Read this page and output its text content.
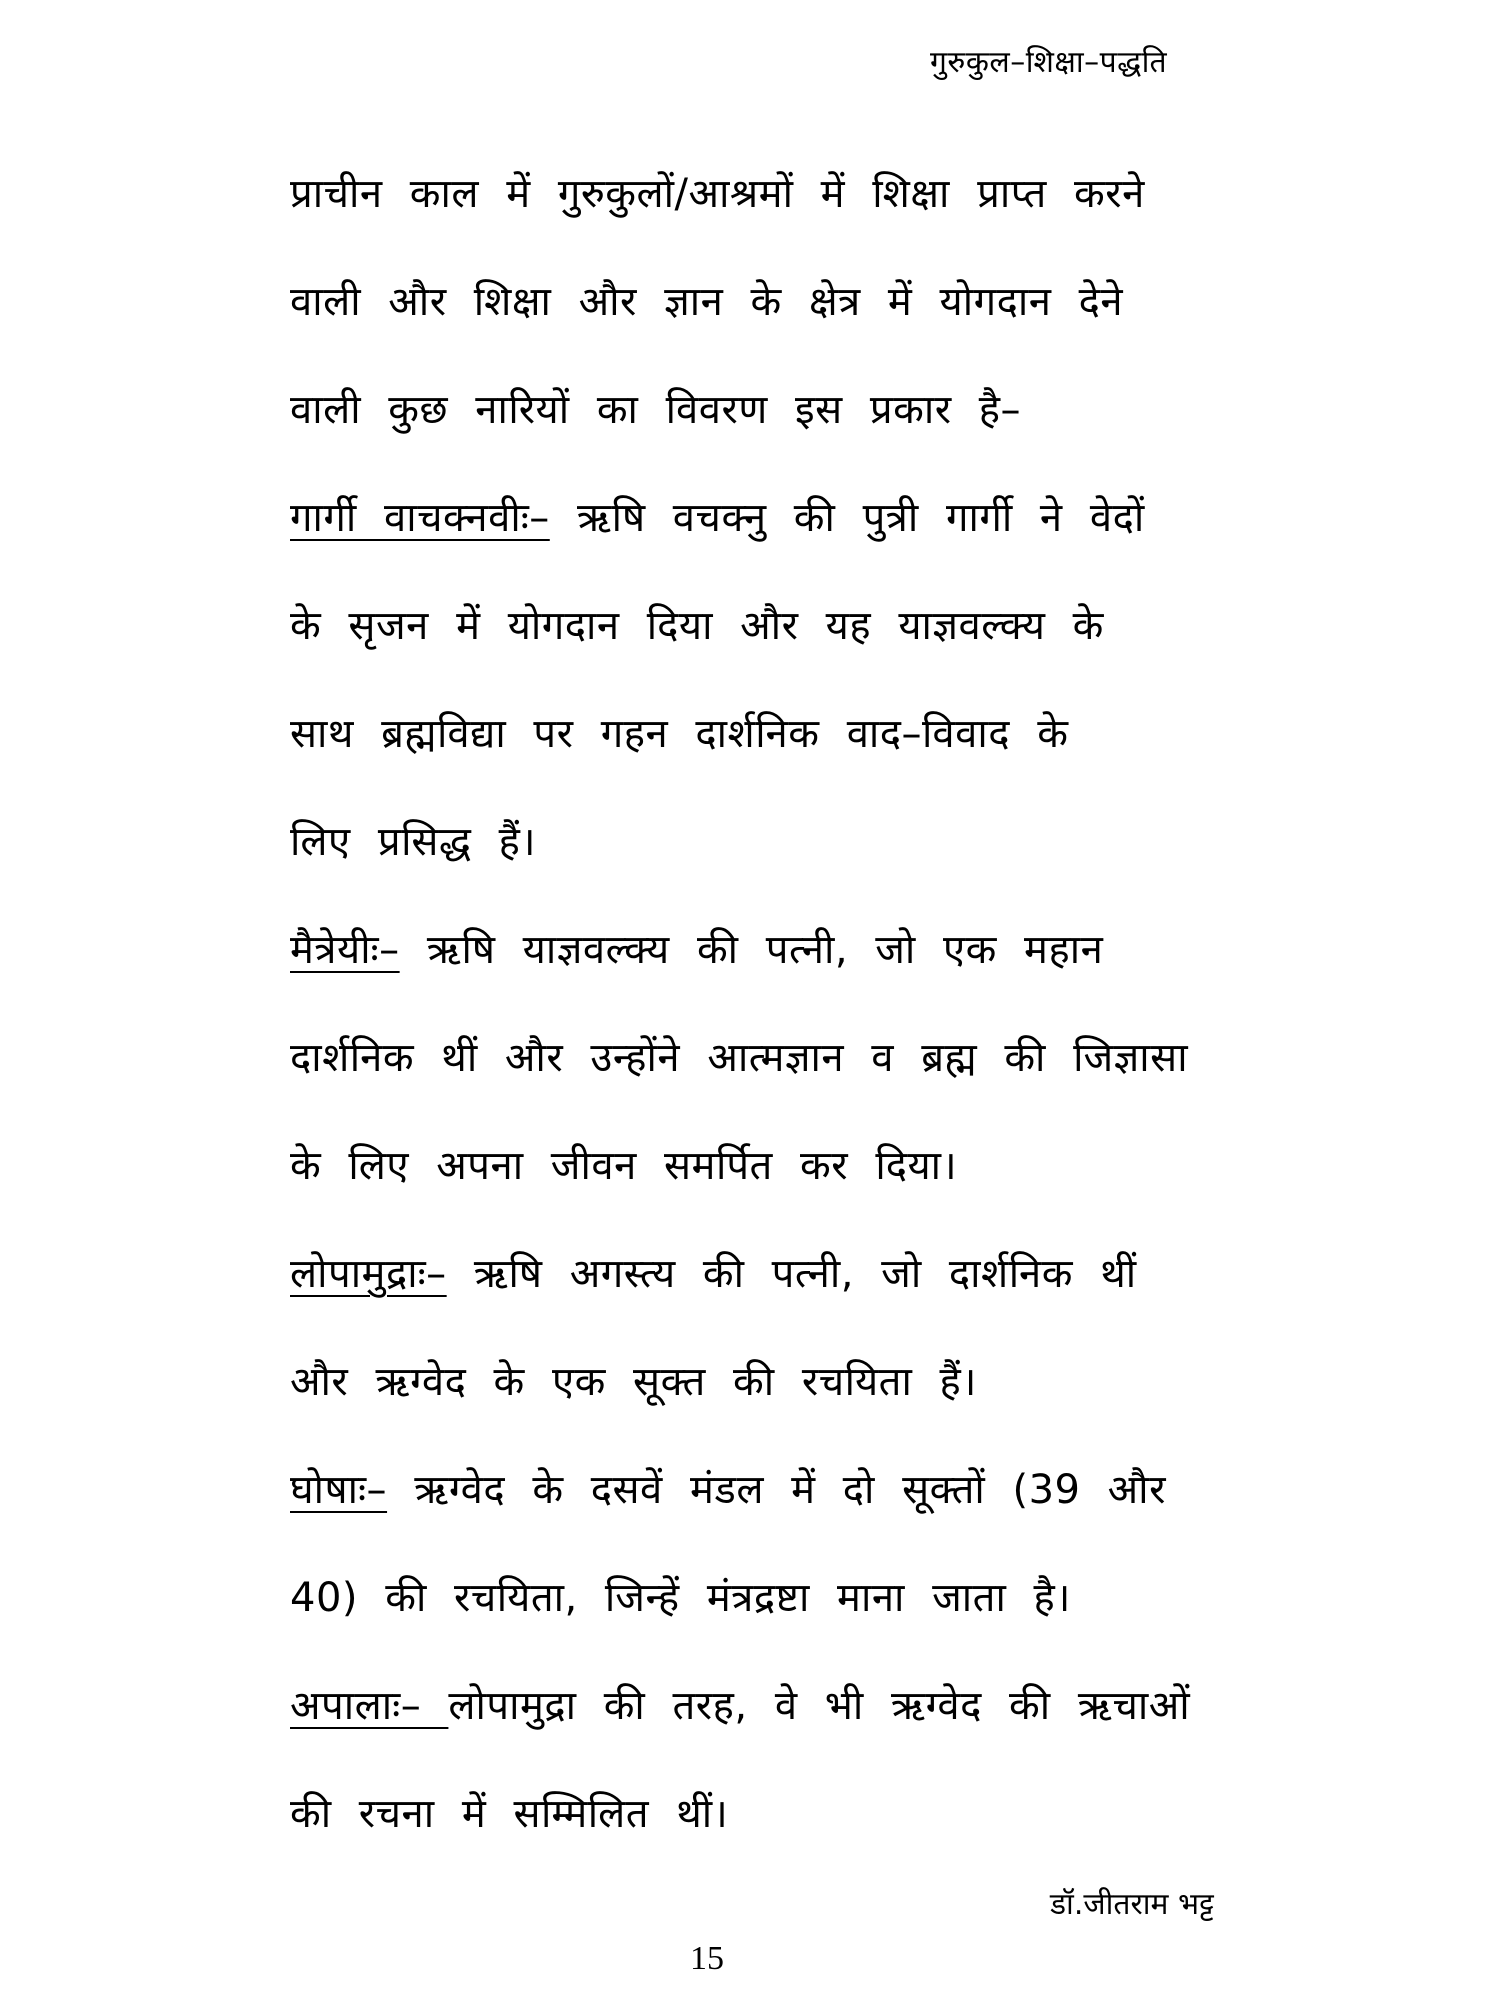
गुरुकुल–शिक्षा–पद्धति
प्राचीन काल में गुरुकुलों/आश्रमों में शिक्षा प्राप्त करने
वाली और शिक्षा और ज्ञान के क्षेत्र में योगदान देने
वाली कुछ नारियों का विवरण इस प्रकार है–
गार्गी वाचक्नवीः– ऋषि वचक्नु की पुत्री गार्गी ने वेदों
के सृजन में योगदान दिया और यह याज्ञवल्क्य के
साथ ब्रह्मविद्या पर गहन दार्शनिक वाद–विवाद के
लिए प्रसिद्ध हैं।
मैत्रेयीः– ऋषि याज्ञवल्क्य की पत्नी, जो एक महान
दार्शनिक थीं और उन्होंने आत्मज्ञान व ब्रह्म की जिज्ञासा
के लिए अपना जीवन समर्पित कर दिया।
लोपामुद्राः– ऋषि अगस्त्य की पत्नी, जो दार्शनिक थीं
और ऋग्वेद के एक सूक्त की रचयिता हैं।
घोषाः– ऋग्वेद के दसवें मंडल में दो सूक्तों (39 और
40) की रचयिता, जिन्हें मंत्रद्रष्टा माना जाता है।
अपालाः– लोपामुद्रा की तरह, वे भी ऋग्वेद की ऋचाओं
की रचना में सम्मिलित थीं।
डॉ.जीतराम भट्ट
15
